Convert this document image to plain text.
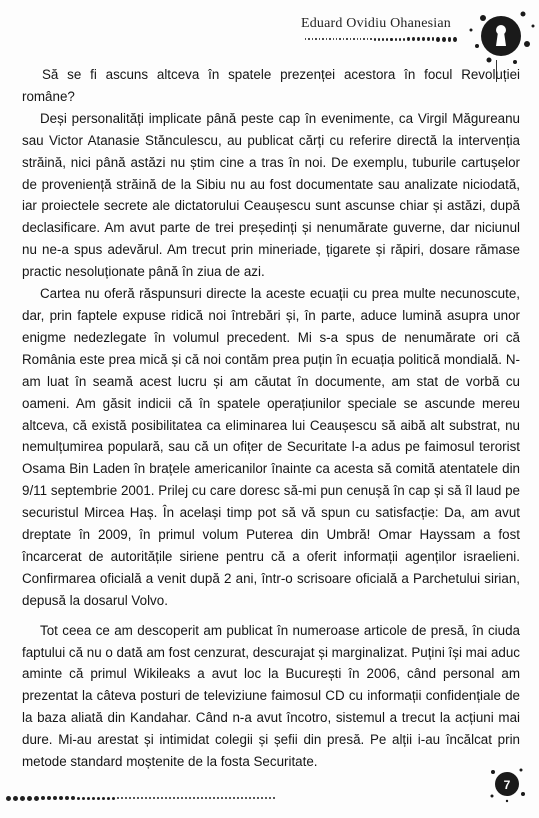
Eduard Ovidiu Ohanesian

Să se fi ascuns altceva în spatele prezenței acestora în focul Revoluției române?

Deși personalități implicate până peste cap în evenimente, ca Virgil Măgureanu sau Victor Atanasie Stănculescu, au publicat cărți cu referire directă la intervenția străină, nici până astăzi nu știm cine a tras în noi. De exemplu, tuburile cartușelor de proveniență străină de la Sibiu nu au fost documentate sau analizate niciodată, iar proiectele secrete ale dictatorului Ceaușescu sunt ascunse chiar și astăzi, după declasificare. Am avut parte de trei președinți și nenumărate guverne, dar niciunul nu ne-a spus adevărul. Am trecut prin mineriade, țigarete și răpiri, dosare rămase practic nesoluționate până în ziua de azi.

Cartea nu oferă răspunsuri directe la aceste ecuații cu prea multe necunoscute, dar, prin faptele expuse ridică noi întrebări și, în parte, aduce lumină asupra unor enigme nedezlegate în volumul precedent. Mi s-a spus de nenumărate ori că România este prea mică și că noi contăm prea puțin în ecuația politică mondială. N-am luat în seamă acest lucru și am căutat în documente, am stat de vorbă cu oameni. Am găsit indicii că în spatele operațiunilor speciale se ascunde mereu altceva, că există posibilitatea ca eliminarea lui Ceaușescu să aibă alt substrat, nu nemulțumirea populară, sau că un ofițer de Securitate l-a adus pe faimosul terorist Osama Bin Laden în brațele americanilor înainte ca acesta să comită atentatele din 9/11 septembrie 2001. Prilej cu care doresc să-mi pun cenușă în cap și să îl laud pe securistul Mircea Haș. În același timp pot să vă spun cu satisfacție: Da, am avut dreptate în 2009, în primul volum Puterea din Umbră! Omar Hayssam a fost încarcerat de autoritățile siriene pentru că a oferit informații agenților israelieni. Confirmarea oficială a venit după 2 ani, într-o scrisoare oficială a Parchetului sirian, depusă la dosarul Volvo.

Tot ceea ce am descoperit am publicat în numeroase articole de presă, în ciuda faptului că nu o dată am fost cenzurat, descurajat și marginalizat. Puțini își mai aduc aminte că primul Wikileaks a avut loc la București în 2006, când personal am prezentat la câteva posturi de televiziune faimosul CD cu informații confidențiale de la baza aliată din Kandahar. Când n-a avut încotro, sistemul a trecut la acțiuni mai dure. Mi-au arestat și intimidat colegii și șefii din presă. Pe alții i-au încălcat prin metode standard moștenite de la fosta Securitate.

7
